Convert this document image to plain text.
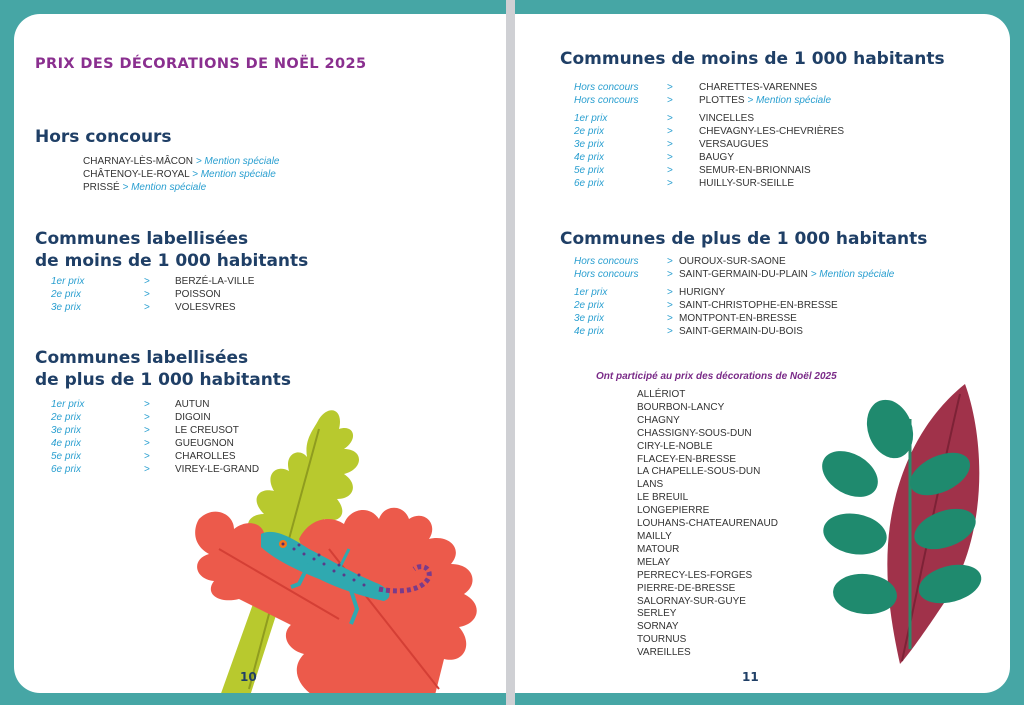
PRIX DES DÉCORATIONS DE NOËL 2025
Hors concours
CHARNAY-LÈS-MÂCON > Mention spéciale
CHÂTENOY-LE-ROYAL > Mention spéciale
PRISSÉ > Mention spéciale
Communes labellisées
de moins de 1 000 habitants
1er prix	>	BERZÉ-LA-VILLE
2e prix	>	POISSON
3e prix	>	VOLESVRES
Communes labellisées
de plus de 1 000 habitants
1er prix	>	AUTUN
2e prix	>	DIGOIN
3e prix	>	LE CREUSOT
4e prix	>	GUEUGNON
5e prix	>	CHAROLLES
6e prix	>	VIREY-LE-GRAND
10
Communes de moins de 1 000 habitants
Hors concours	>	CHARETTES-VARENNES
Hors concours	>	PLOTTES > Mention spéciale
1er prix	>	VINCELLES
2e prix	>	CHEVAGNY-LES-CHEVRIÈRES
3e prix	>	VERSAUGUES
4e prix	>	BAUGY
5e prix	>	SEMUR-EN-BRIONNAIS
6e prix	>	HUILLY-SUR-SEILLE
Communes de plus de 1 000 habitants
Hors concours	> OUROUX-SUR-SAONE
Hors concours	> SAINT-GERMAIN-DU-PLAIN > Mention spéciale
1er prix	> HURIGNY
2e prix	> SAINT-CHRISTOPHE-EN-BRESSE
3e prix	> MONTPONT-EN-BRESSE
4e prix	> SAINT-GERMAIN-DU-BOIS
Ont participé au prix des décorations de Noël 2025
ALLÉRIOT
BOURBON-LANCY
CHAGNY
CHASSIGNY-SOUS-DUN
CIRY-LE-NOBLE
FLACEY-EN-BRESSE
LA CHAPELLE-SOUS-DUN
LANS
LE BREUIL
LONGEPIERRE
LOUHANS-CHATEAURENAUD
MAILLY
MATOUR
MELAY
PERRECY-LES-FORGES
PIERRE-DE-BRESSE
SALORNAY-SUR-GUYE
SERLEY
SORNAY
TOURNUS
VAREILLES
11
